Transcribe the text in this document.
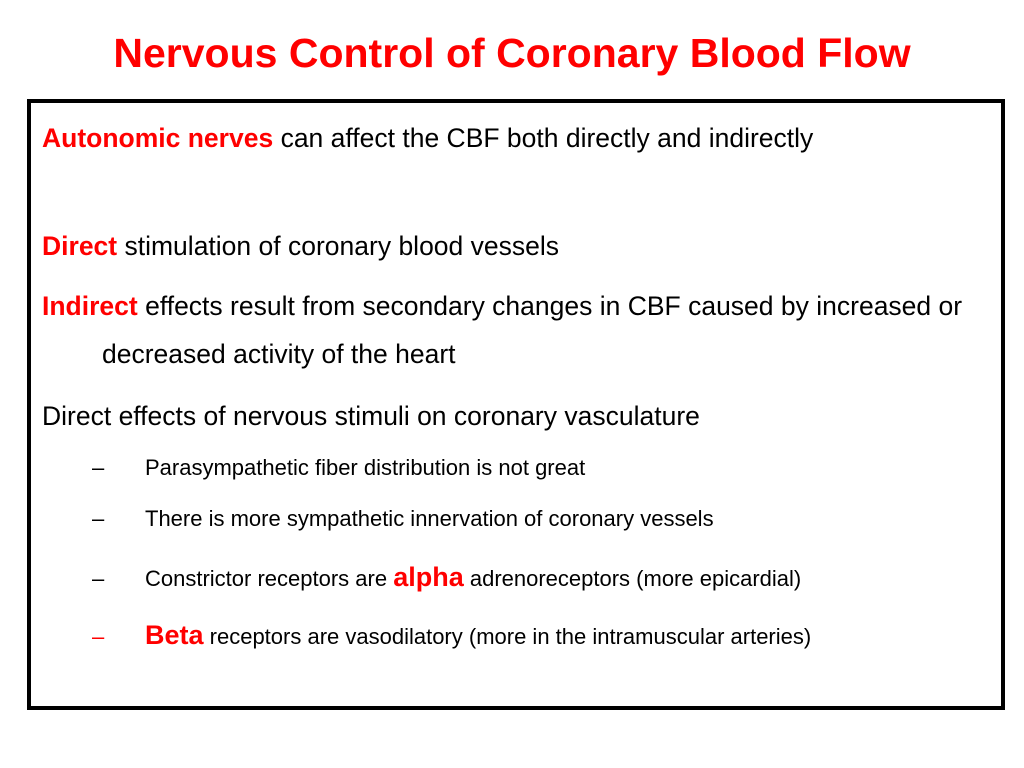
Nervous Control of Coronary Blood Flow
Autonomic nerves can affect the CBF both directly and indirectly
Direct stimulation of coronary blood vessels
Indirect effects result from secondary changes in CBF caused by increased or decreased activity of the heart
Direct effects of nervous stimuli on coronary vasculature
– Parasympathetic fiber distribution is not great
– There is more sympathetic innervation of coronary vessels
– Constrictor receptors are alpha adrenoreceptors (more epicardial)
– Beta receptors are vasodilatory (more in the intramuscular arteries)
